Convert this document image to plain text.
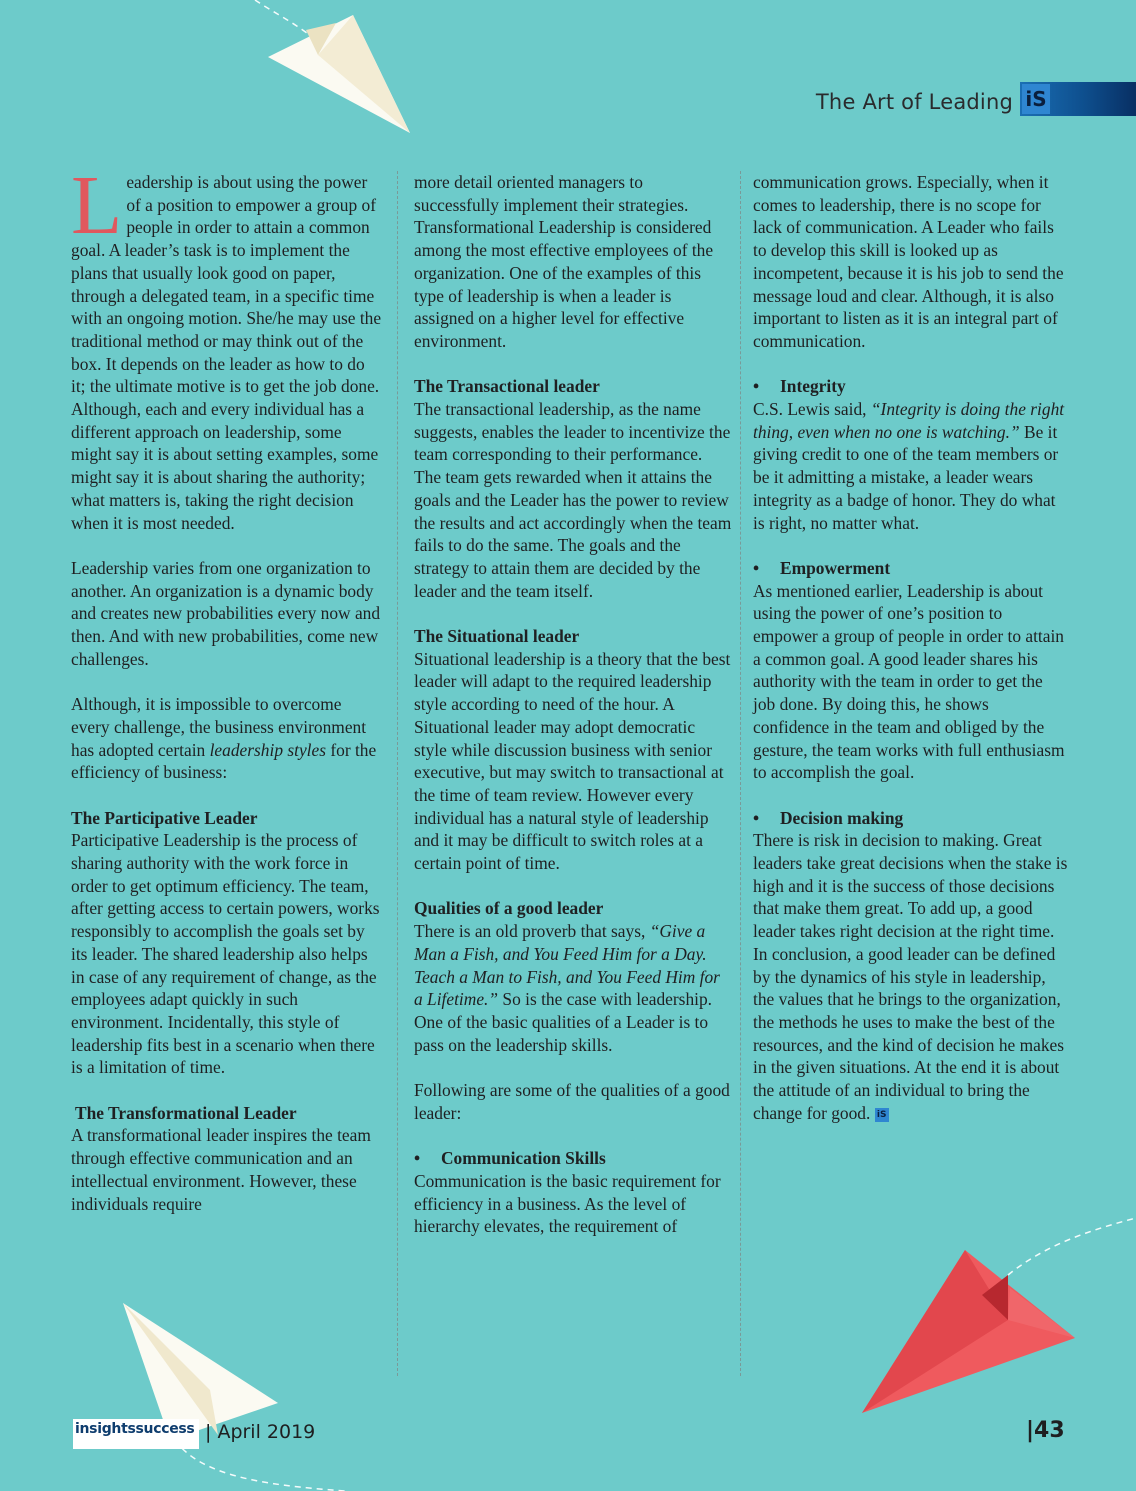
The Art of Leading iS

Leadership is about using the power of a position to empower a group of people in order to attain a common goal. A leader’s task is to implement the plans that usually look good on paper, through a delegated team, in a specific time with an ongoing motion. She/he may use the traditional method or may think out of the box. It depends on the leader as how to do it; the ultimate motive is to get the job done. Although, each and every individual has a different approach on leadership, some might say it is about setting examples, some might say it is about sharing the authority; what matters is, taking the right decision when it is most needed.

Leadership varies from one organization to another. An organization is a dynamic body and creates new probabilities every now and then. And with new probabilities, come new challenges.

Although, it is impossible to overcome every challenge, the business environment has adopted certain leadership styles for the efficiency of business:

The Participative Leader

Participative Leadership is the process of sharing authority with the work force in order to get optimum efficiency. The team, after getting access to certain powers, works responsibly to accomplish the goals set by its leader. The shared leadership also helps in case of any requirement of change, as the employees adapt quickly in such environment. Incidentally, this style of leadership fits best in a scenario when there is a limitation of time.

The Transformational Leader

A transformational leader inspires the team through effective communication and an intellectual environment. However, these individuals require

more detail oriented managers to successfully implement their strategies. Transformational Leadership is considered among the most effective employees of the organization. One of the examples of this type of leadership is when a leader is assigned on a higher level for effective environment.

The Transactional leader

The transactional leadership, as the name suggests, enables the leader to incentivize the team corresponding to their performance. The team gets rewarded when it attains the goals and the Leader has the power to review the results and act accordingly when the team fails to do the same. The goals and the strategy to attain them are decided by the leader and the team itself.

The Situational leader

Situational leadership is a theory that the best leader will adapt to the required leadership style according to need of the hour. A Situational leader may adopt democratic style while discussion business with senior executive, but may switch to transactional at the time of team review. However every individual has a natural style of leadership and it may be difficult to switch roles at a certain point of time.

Qualities of a good leader

There is an old proverb that says, “Give a Man a Fish, and You Feed Him for a Day. Teach a Man to Fish, and You Feed Him for a Lifetime.” So is the case with leadership. One of the basic qualities of a Leader is to pass on the leadership skills.

Following are some of the qualities of a good leader:

• Communication Skills

Communication is the basic requirement for efficiency in a business. As the level of hierarchy elevates, the requirement of

communication grows. Especially, when it comes to leadership, there is no scope for lack of communication. A Leader who fails to develop this skill is looked up as incompetent, because it is his job to send the message loud and clear. Although, it is also important to listen as it is an integral part of communication.

• Integrity

C.S. Lewis said, “Integrity is doing the right thing, even when no one is watching.” Be it giving credit to one of the team members or be it admitting a mistake, a leader wears integrity as a badge of honor. They do what is right, no matter what.

• Empowerment

As mentioned earlier, Leadership is about using the power of one’s position to empower a group of people in order to attain a common goal. A good leader shares his authority with the team in order to get the job done. By doing this, he shows confidence in the team and obliged by the gesture, the team works with full enthusiasm to accomplish the goal.

• Decision making

There is risk in decision to making. Great leaders take great decisions when the stake is high and it is the success of those decisions that make them great. To add up, a good leader takes right decision at the right time. In conclusion, a good leader can be defined by the dynamics of his style in leadership, the values that he brings to the organization, the methods he uses to make the best of the resources, and the kind of decision he makes in the given situations. At the end it is about the attitude of an individual to bring the change for good. iS

insightssuccess | April 2019	|43
